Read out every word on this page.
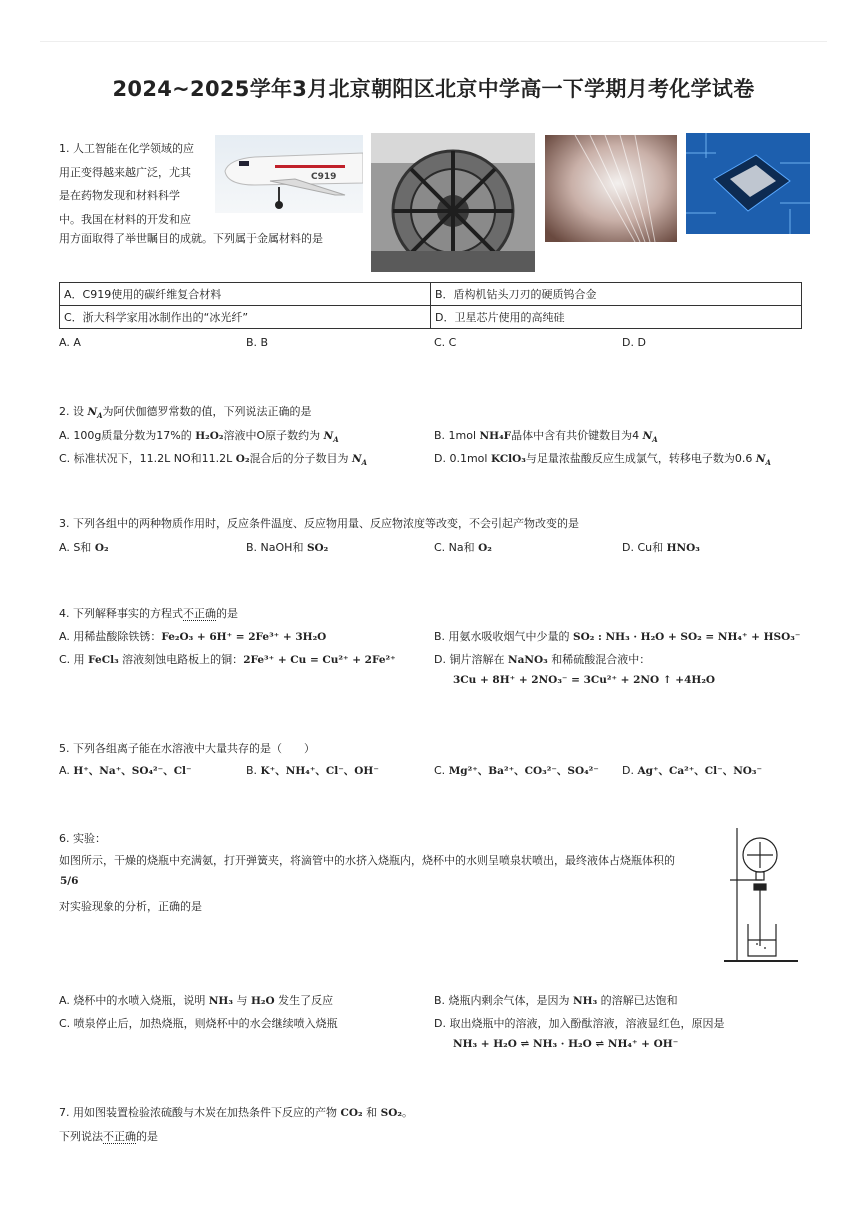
2024~2025学年3月北京朝阳区北京中学高一下学期月考化学试卷
1. 人工智能在化学领域的应
用正变得越来越广泛，尤其
是在药物发现和材料科学
中。我国在材料的开发和应
用方面取得了举世瞩目的成就。下列属于金属材料的是
C919
A．C919使用的碳纤维复合材料	B．盾构机钻头刀刃的硬质钨合金
C．浙大科学家用冰制作出的“冰光纤”	D．卫星芯片使用的高纯硅
A. A	B. B	C. C	D. D
2. 设 $N_A$为阿伏伽德罗常数的值，下列说法正确的是
A. 100g质量分数为17%的 H₂O₂溶液中O原子数约为 $N_A$	B. 1mol NH₄F晶体中含有共价键数目为4 $N_A$
C. 标准状况下，11.2L NO和11.2L O₂混合后的分子数目为 $N_A$	D. 0.1mol KClO₃与足量浓盐酸反应生成氯气，转移电子数为0.6 $N_A$
3. 下列各组中的两种物质作用时，反应条件温度、反应物用量、反应物浓度等改变，不会引起产物改变的是
A. S和 O₂	B. NaOH和 SO₂	C. Na和 O₂	D. Cu和 HNO₃
4. 下列解释事实的方程式不正确的是
A. 用稀盐酸除铁锈：Fe₂O₃ + 6H⁺ = 2Fe³⁺ + 3H₂O	B. 用氨水吸收烟气中少量的 SO₂ : NH₃ · H₂O + SO₂ = NH₄⁺ + HSO₃⁻
C. 用 FeCl₃ 溶液刻蚀电路板上的铜：2Fe³⁺ + Cu = Cu²⁺ + 2Fe²⁺	D. 铜片溶解在 NaNO₃ 和稀硫酸混合液中：
3Cu + 8H⁺ + 2NO₃⁻ = 3Cu²⁺ + 2NO ↑ +4H₂O
5. 下列各组离子能在水溶液中大量共存的是（　　）
A. H⁺、Na⁺、SO₄²⁻、Cl⁻	B. K⁺、NH₄⁺、Cl⁻、OH⁻	C. Mg²⁺、Ba²⁺、CO₃²⁻、SO₄²⁻ D. Ag⁺、Ca²⁺、Cl⁻、NO₃⁻
6. 实验：
如图所示，干燥的烧瓶中充满氨，打开弹簧夹，将滴管中的水挤入烧瓶内，烧杯中的水则呈喷泉状喷出，最终液体占烧瓶体积的
5/6
对实验现象的分析，正确的是
A. 烧杯中的水喷入烧瓶，说明 NH₃ 与 H₂O 发生了反应	B. 烧瓶内剩余气体，是因为 NH₃ 的溶解已达饱和
C. 喷泉停止后，加热烧瓶，则烧杯中的水会继续喷入烧瓶	D. 取出烧瓶中的溶液，加入酚酞溶液，溶液显红色，原因是
NH₃ + H₂O ⇌ NH₃ · H₂O ⇌ NH₄⁺ + OH⁻
7. 用如图装置检验浓硫酸与木炭在加热条件下反应的产物 CO₂ 和 SO₂。
下列说法不正确的是
